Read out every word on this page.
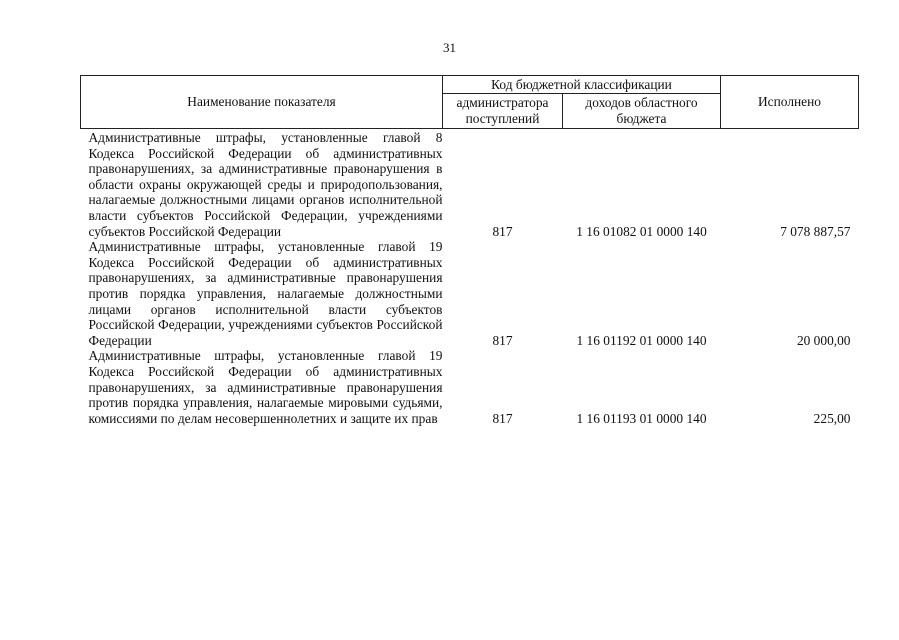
31
Наименование показателя	Код бюджетной классификации		Исполнено
	администратора поступлений	доходов областного бюджета	
Административные штрафы, установленные главой 8 Кодекса Российской Федерации об административных правонарушениях, за административные правонарушения в области охраны окружающей среды и природопользования, налагаемые должностными лицами органов исполнительной власти субъектов Российской Федерации, учреждениями субъектов Российской Федерации	817	1 16 01082 01 0000 140	7 078 887,57
Административные штрафы, установленные главой 19 Кодекса Российской Федерации об административных правонарушениях, за административные правонарушения против порядка управления, налагаемые должностными лицами органов исполнительной власти субъектов Российской Федерации, учреждениями субъектов Российской Федерации	817	1 16 01192 01 0000 140	20 000,00
Административные штрафы, установленные главой 19 Кодекса Российской Федерации об административных правонарушениях, за административные правонарушения против порядка управления, налагаемые мировыми судьями, комиссиями по делам несовершеннолетних и защите их прав	817	1 16 01193 01 0000 140	225,00
